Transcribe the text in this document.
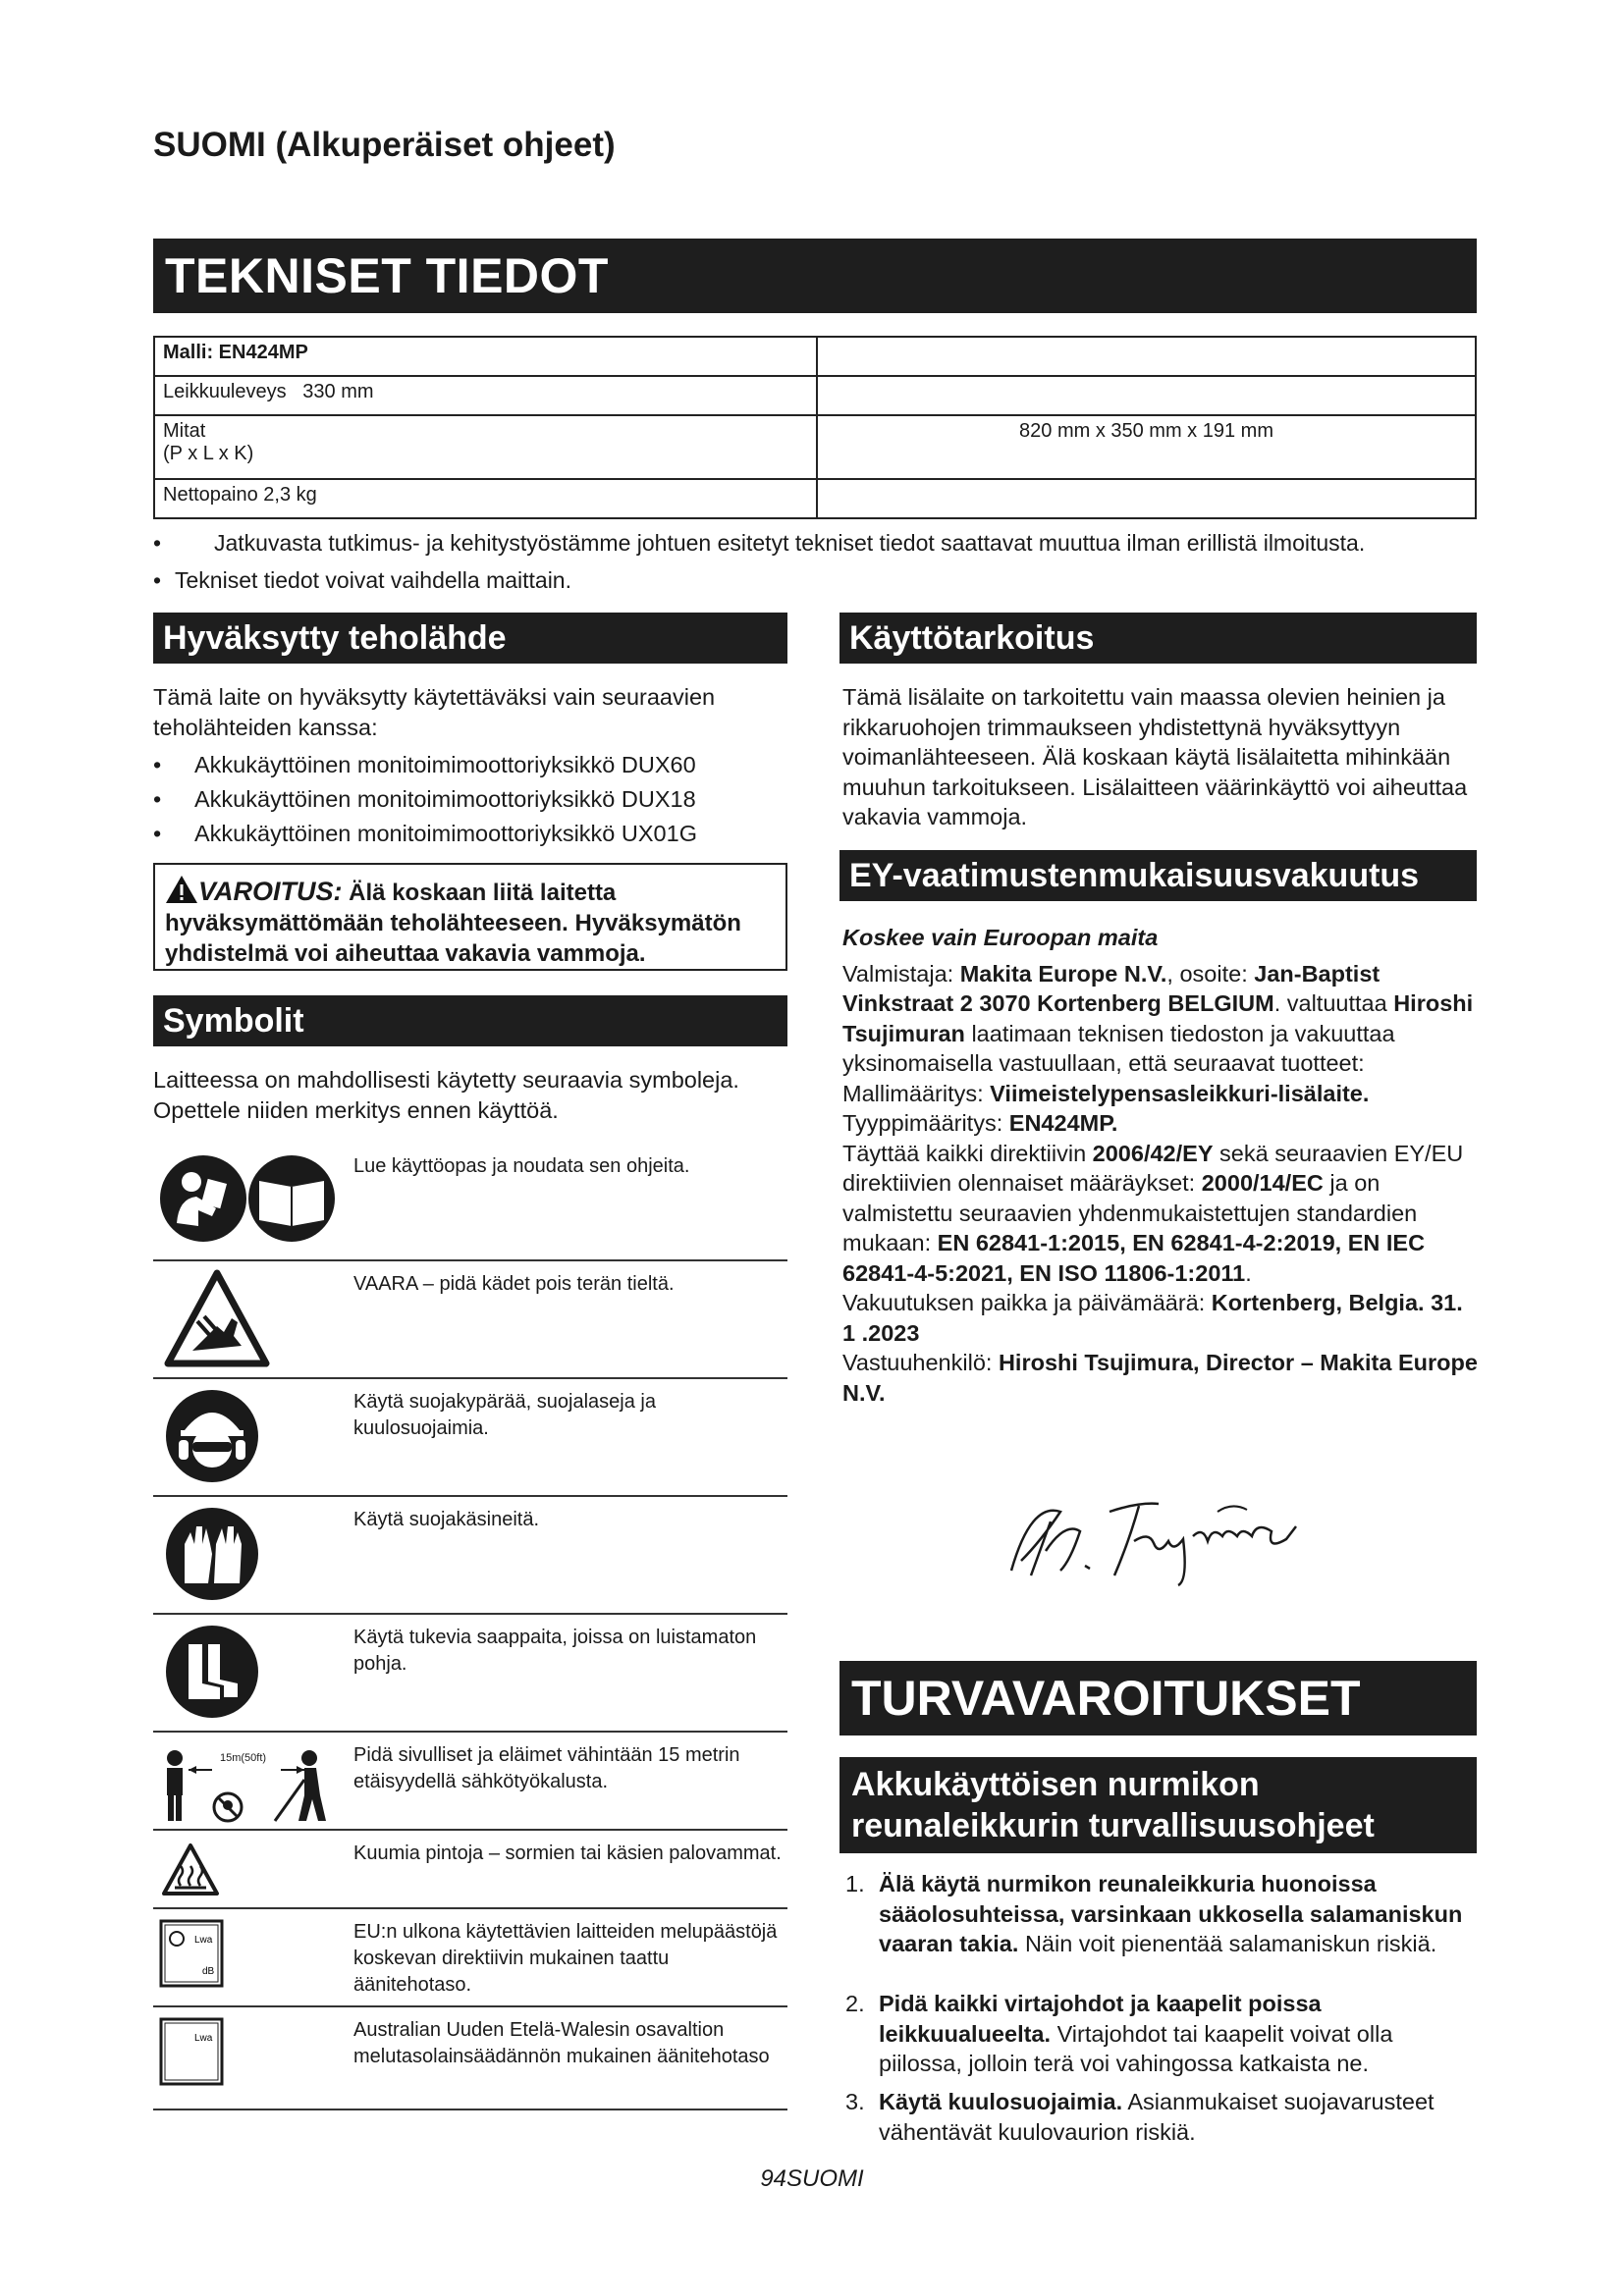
SUOMI (Alkuperäiset ohjeet)
TEKNISET TIEDOT
Malli: EN424MP	
Leikkuuleveys   330 mm	

Mitat
(P x L x K)	820 mm x 350 mm x 191 mm
Nettopaino 2,3 kg	
• Jatkuvasta tutkimus- ja kehitystyöstämme johtuen esitetyt tekniset tiedot saattavat muuttua ilman erillistä ilmoitusta.
• Tekniset tiedot voivat vaihdella maittain.
Hyväksytty teholähde
Tämä laite on hyväksytty käytettäväksi vain seuraavien teholähteiden kanssa:
• Akkukäyttöinen monitoimimoottoriyksikkö DUX60
• Akkukäyttöinen monitoimimoottoriyksikkö DUX18
• Akkukäyttöinen monitoimimoottoriyksikkö UX01G
VAROITUS: Älä koskaan liitä laitetta hyväksymättömään teholähteeseen. Hyväksymätön yhdistelmä voi aiheuttaa vakavia vammoja.
Symbolit
Laitteessa on mahdollisesti käytetty seuraavia symboleja. Opettele niiden merkitys ennen käyttöä.
Lue käyttöopas ja noudata sen ohjeita.
VAARA – pidä kädet pois terän tieltä.
Käytä suojakypärää, suojalaseja ja kuulosuojaimia.
Käytä suojakäsineitä.
Käytä tukevia saappaita, joissa on luistamaton pohja.
15m(50ft)	Pidä sivulliset ja eläimet vähintään 15 metrin etäisyydellä sähkötyökalusta.
Kuumia pintoja – sormien tai käsien palovammat.
Lwa
dB
EU:n ulkona käytettävien laitteiden melupäästöjä koskevan direktiivin mukainen taattu äänitehotaso.
Lwa	Australian Uuden Etelä-Walesin osavaltion melutasolainsäädännön mukainen äänitehotaso
Käyttötarkoitus
Tämä lisälaite on tarkoitettu vain maassa olevien heinien ja rikkaruohojen trimmaukseen yhdistettynä hyväksyttyyn voimanlähteeseen. Älä koskaan käytä lisälaitetta mihinkään muuhun tarkoitukseen. Lisälaitteen väärinkäyttö voi aiheuttaa vakavia vammoja.
EY-vaatimustenmukaisuusvakuutus
Koskee vain Euroopan maita
Valmistaja: Makita Europe N.V., osoite: Jan-Baptist Vinkstraat 2 3070 Kortenberg BELGIUM. valtuuttaa Hiroshi Tsujimuran laatimaan teknisen tiedoston ja vakuuttaa yksinomaisella vastuullaan, että seuraavat tuotteet:
Mallimääritys: Viimeistelypensasleikkuri-lisälaite.
Tyyppimääritys: EN424MP.
Täyttää kaikki direktiivin 2006/42/EY sekä seuraavien EY/EU direktiivien olennaiset määräykset: 2000/14/EC ja on valmistettu seuraavien yhdenmukaistettujen standardien mukaan: EN 62841-1:2015, EN 62841-4-2:2019, EN IEC 62841-4-5:2021, EN ISO 11806-1:2011.
Vakuutuksen paikka ja päivämäärä: Kortenberg, Belgia. 31. 1 .2023
Vastuuhenkilö: Hiroshi Tsujimura, Director – Makita Europe N.V.
TURVAVAROITUKSET
Akkukäyttöisen nurmikon
reunaleikkurin turvallisuusohjeet
1. Älä käytä nurmikon reunaleikkuria huonoissa sääolosuhteissa, varsinkaan ukkosella salamaniskun vaaran takia. Näin voit pienentää salamaniskun riskiä.
2. Pidä kaikki virtajohdot ja kaapelit poissa leikkuualueelta. Virtajohdot tai kaapelit voivat olla piilossa, jolloin terä voi vahingossa katkaista ne.
3. Käytä kuulosuojaimia. Asianmukaiset suojavarusteet vähentävät kuulovaurion riskiä.
94SUOMI
